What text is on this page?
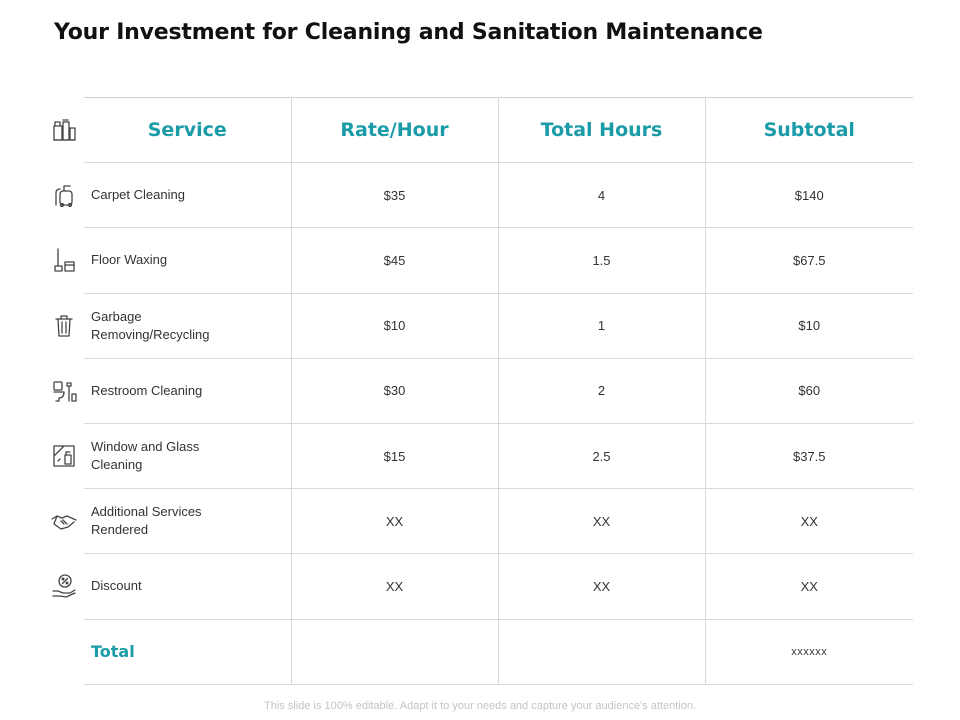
Your Investment for Cleaning and Sanitation Maintenance
Service	Rate/Hour	Total Hours	Subtotal
Carpet Cleaning	$35	4	$140
Floor Waxing	$45	1.5	$67.5
Garbage Removing/Recycling	$10	1	$10
Restroom Cleaning	$30	2	$60
Window and Glass Cleaning	$15	2.5	$37.5
Additional Services Rendered	XX	XX	XX
Discount	XX	XX	XX
Total			xxxxxx
This slide is 100% editable. Adapt it to your needs and capture your audience's attention.
